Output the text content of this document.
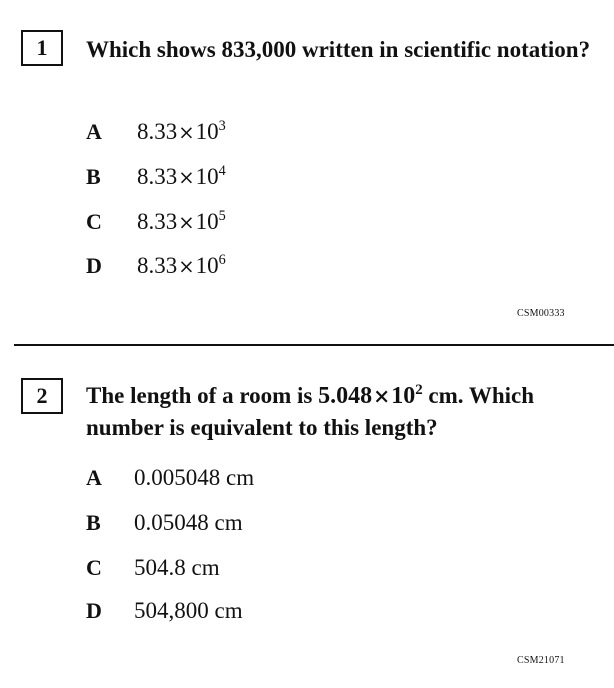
1	Which shows 833,000 written in scientific notation?
A $8.33\times 10^3$
B $8.33\times 10^4$
C $8.33\times 10^5$
D $8.33\times 10^6$
CSM00333
2	The length of a room is $5.048\times 10^2$ cm. Which number is equivalent to this length?
A 0.005048 cm
B 0.05048 cm
C 504.8 cm
D 504,800 cm
CSM21071
